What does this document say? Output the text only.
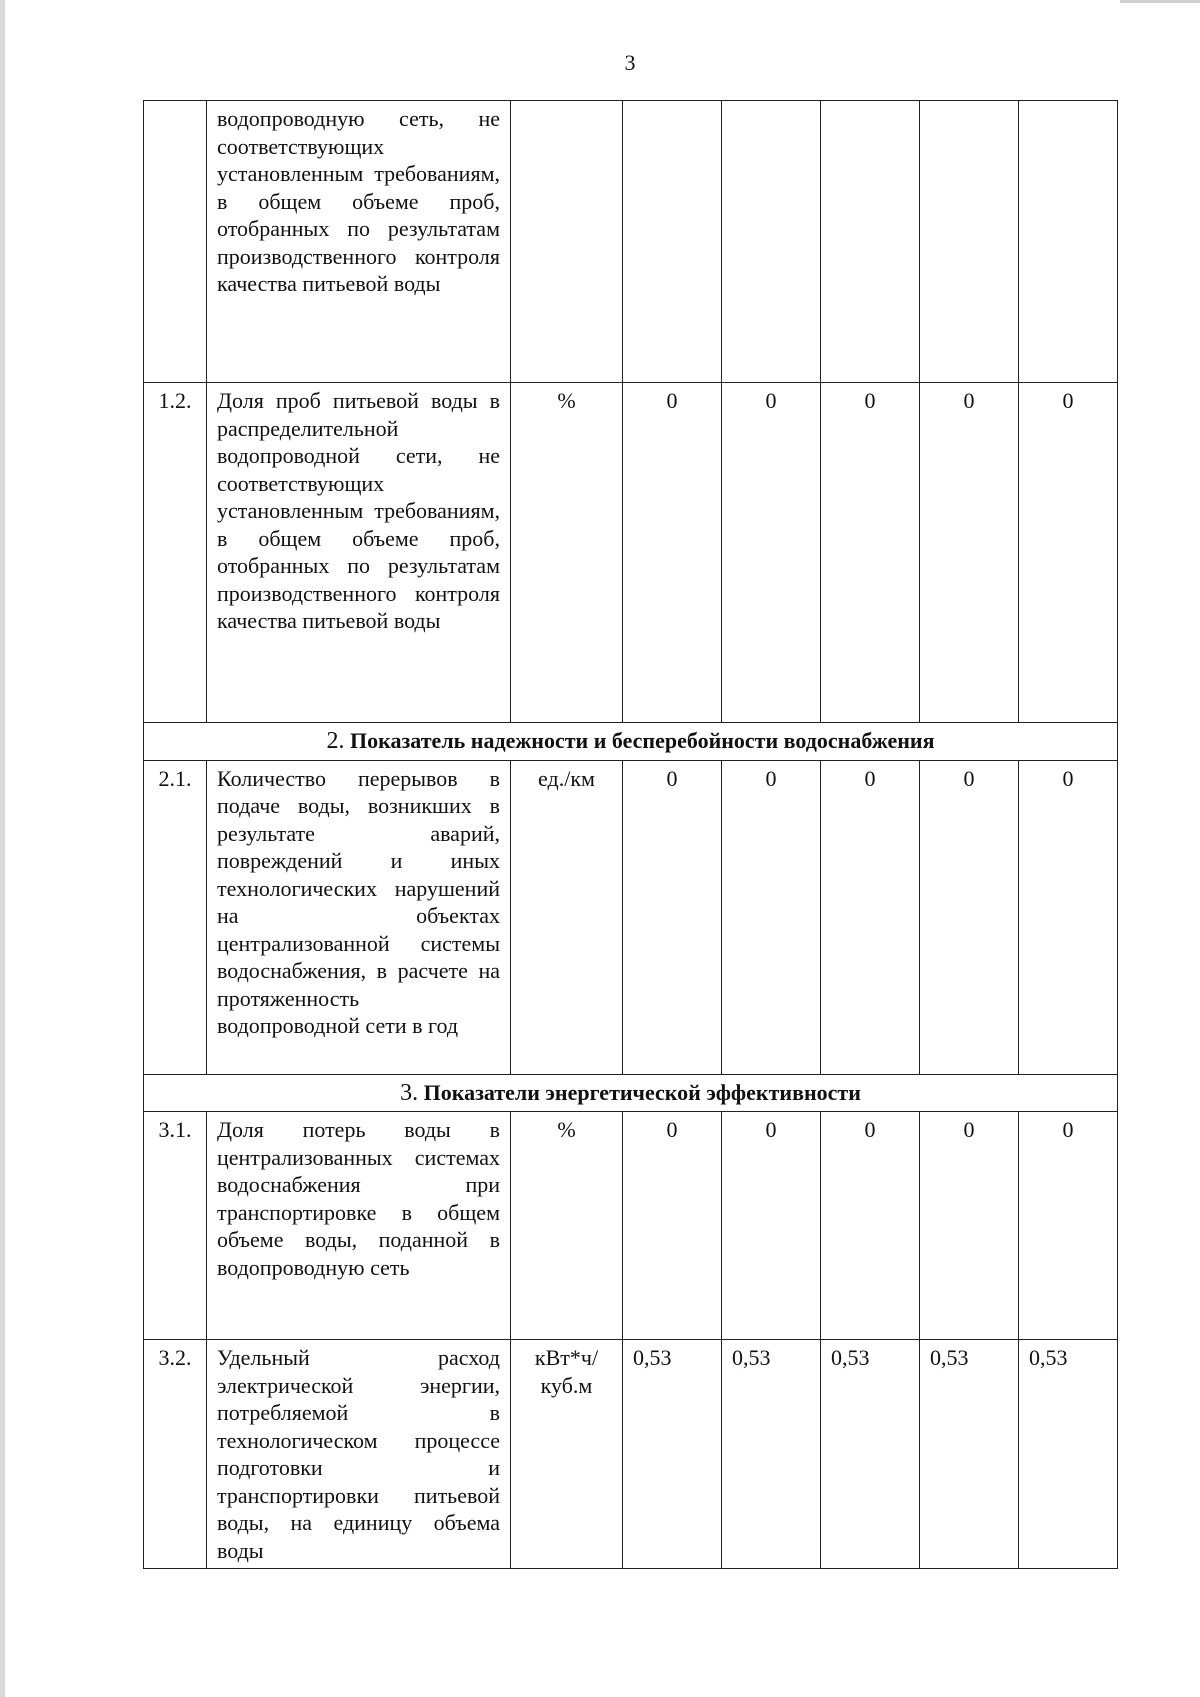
3
	водопроводную сеть, не соответствующих установленным требованиям, в общем объеме проб, отобранных по результатам производственного контроля качества питьевой воды						
1.2.	Доля проб питьевой воды в распределительной водопроводной сети, не соответствующих установленным требованиям, в общем объеме проб, отобранных по результатам производственного контроля качества питьевой воды	%	0	0	0	0	0
2. Показатель надежности и бесперебойности водоснабжения							
2.1.	Количество перерывов в подаче воды, возникших в результате аварий, повреждений и иных технологических нарушений на объектах централизованной системы водоснабжения, в расчете на протяженность водопроводной сети в год	ед./км	0	0	0	0	0
3. Показатели энергетической эффективности							
3.1.	Доля потерь воды в централизованных системах водоснабжения при транспортировке в общем объеме воды, поданной в водопроводную сеть	%	0	0	0	0	0
3.2.	Удельный расход электрической энергии, потребляемой в технологическом процессе подготовки и транспортировки питьевой воды, на единицу объема воды	кВт*ч/ куб.м	0,53	0,53	0,53	0,53	0,53
